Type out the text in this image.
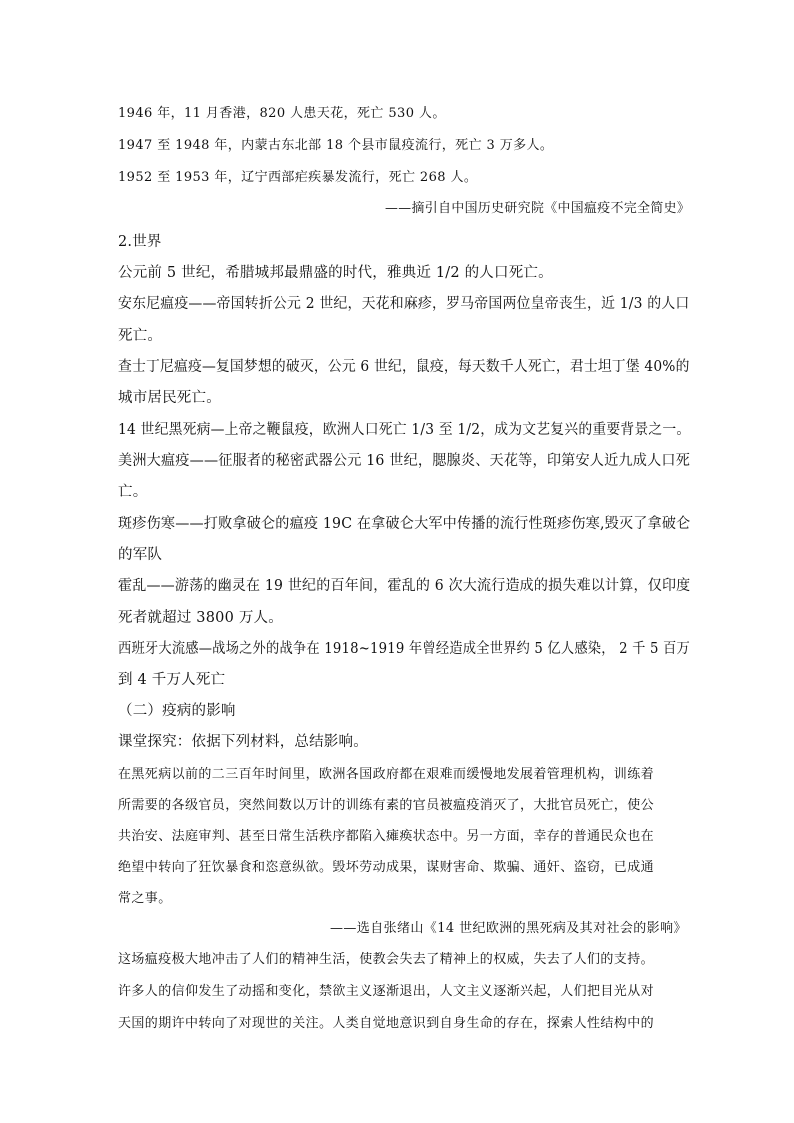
1946 年，11 月香港，820 人患天花，死亡 530 人。
1947 至 1948 年，内蒙古东北部 18 个县市鼠疫流行，死亡 3 万多人。
1952 至 1953 年，辽宁西部疟疾暴发流行，死亡 268 人。
——摘引自中国历史研究院《中国瘟疫不完全简史》
2.世界
公元前 5 世纪，希腊城邦最鼎盛的时代，雅典近 1/2 的人口死亡。
安东尼瘟疫——帝国转折公元 2 世纪，天花和麻疹，罗马帝国两位皇帝丧生，近 1/3 的人口
死亡。
查士丁尼瘟疫—复国梦想的破灭，公元 6 世纪，鼠疫，每天数千人死亡，君士坦丁堡 40%的
城市居民死亡。
14 世纪黑死病—上帝之鞭鼠疫，欧洲人口死亡 1/3 至 1/2，成为文艺复兴的重要背景之一。
美洲大瘟疫——征服者的秘密武器公元 16 世纪，腮腺炎、天花等，印第安人近九成人口死
亡。
斑疹伤寒——打败拿破仑的瘟疫 19C 在拿破仑大军中传播的流行性斑疹伤寒,毁灭了拿破仑
的军队
霍乱——游荡的幽灵在 19 世纪的百年间，霍乱的 6 次大流行造成的损失难以计算，仅印度
死者就超过 3800 万人。
西班牙大流感—战场之外的战争在 1918~1919 年曾经造成全世界约 5 亿人感染， 2 千 5 百万
到 4 千万人死亡
（二）疫病的影响
课堂探究：依据下列材料，总结影响。
在黑死病以前的二三百年时间里，欧洲各国政府都在艰难而缓慢地发展着管理机构，训练着
所需要的各级官员，突然间数以万计的训练有素的官员被瘟疫消灭了，大批官员死亡，使公
共治安、法庭审判、甚至日常生活秩序都陷入瘫痪状态中。另一方面，幸存的普通民众也在
绝望中转向了狂饮暴食和恣意纵欲。毁坏劳动成果，谋财害命、欺骗、通奸、盗窃，已成通
常之事。
——选自张绪山《14 世纪欧洲的黑死病及其对社会的影响》
这场瘟疫极大地冲击了人们的精神生活，使教会失去了精神上的权威，失去了人们的支持。
许多人的信仰发生了动摇和变化，禁欲主义逐渐退出，人文主义逐渐兴起，人们把目光从对
天国的期许中转向了对现世的关注。人类自觉地意识到自身生命的存在，探索人性结构中的
